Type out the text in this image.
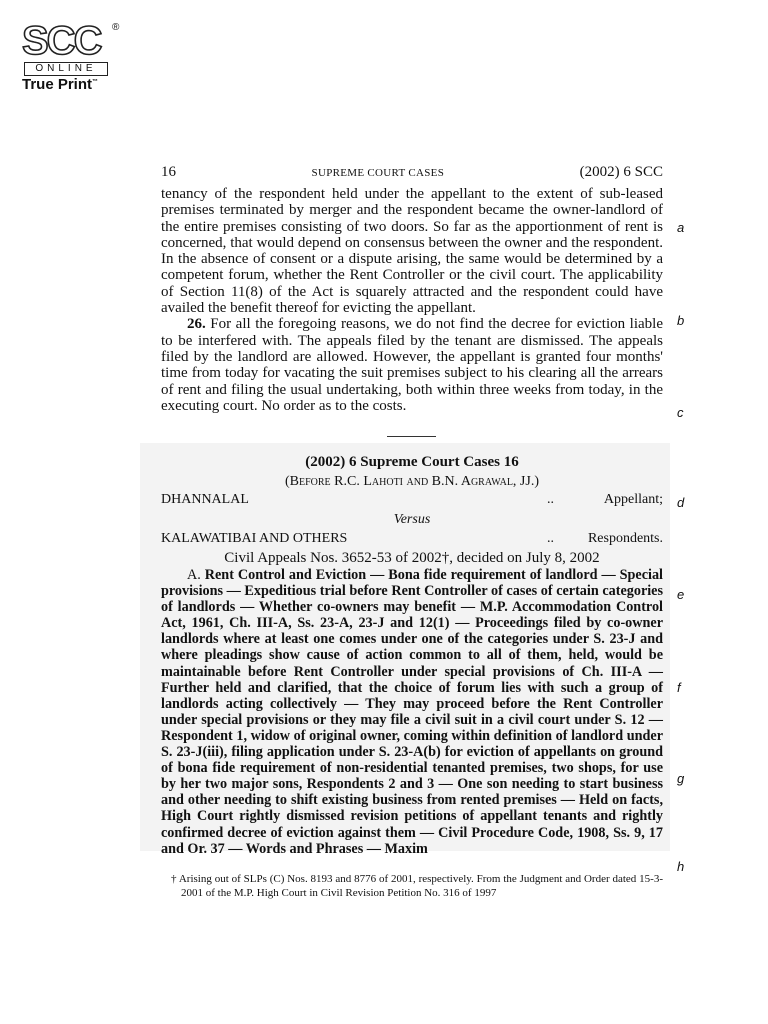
SCC	®
ONLINE
True Print™
16	SUPREME COURT CASES	(2002) 6 SCC

tenancy of the respondent held under the appellant to the extent of sub-leased premises terminated by merger and the respondent became the owner-landlord of the entire premises consisting of two doors. So far as the apportionment of rent is concerned, that would depend on consensus between the owner and the respondent. In the absence of consent or a dispute arising, the same would be determined by a competent forum, whether the Rent Controller or the civil court. The applicability of Section 11(8) of the Act is squarely attracted and the respondent could have availed the benefit thereof for evicting the appellant.

26. For all the foregoing reasons, we do not find the decree for eviction liable to be interfered with. The appeals filed by the tenant are dismissed. The appeals filed by the landlord are allowed. However, the appellant is granted four months' time from today for vacating the suit premises subject to his clearing all the arrears of rent and filing the usual undertaking, both within three weeks from today, in the executing court. No order as to the costs.

(2002) 6 Supreme Court Cases 16
(Before R.C. Lahoti and B.N. Agrawal, JJ.)
DHANNALAL	..	Appellant;
Versus
KALAWATIBAI AND OTHERS	.. Respondents.
Civil Appeals Nos. 3652-53 of 2002†, decided on July 8, 2002

A. Rent Control and Eviction — Bona fide requirement of landlord — Special provisions — Expeditious trial before Rent Controller of cases of certain categories of landlords — Whether co-owners may benefit — M.P. Accommodation Control Act, 1961, Ch. III-A, Ss. 23-A, 23-J and 12(1) — Proceedings filed by co-owner landlords where at least one comes under one of the categories under S. 23-J and where pleadings show cause of action common to all of them, held, would be maintainable before Rent Controller under special provisions of Ch. III-A — Further held and clarified, that the choice of forum lies with such a group of landlords acting collectively — They may proceed before the Rent Controller under special provisions or they may file a civil suit in a civil court under S. 12 — Respondent 1, widow of original owner, coming within definition of landlord under S. 23-J(iii), filing application under S. 23-A(b) for eviction of appellants on ground of bona fide requirement of non-residential tenanted premises, two shops, for use by her two major sons, Respondents 2 and 3 — One son needing to start business and other needing to shift existing business from rented premises — Held on facts, High Court rightly dismissed revision petitions of appellant tenants and rightly confirmed decree of eviction against them — Civil Procedure Code, 1908, Ss. 9, 17 and Or. 37 — Words and Phrases — Maxim

† Arising out of SLPs (C) Nos. 8193 and 8776 of 2001, respectively. From the Judgment and Order dated 15-3-2001 of the M.P. High Court in Civil Revision Petition No. 316 of 1997
a
b
c
d
e
f
g
h
